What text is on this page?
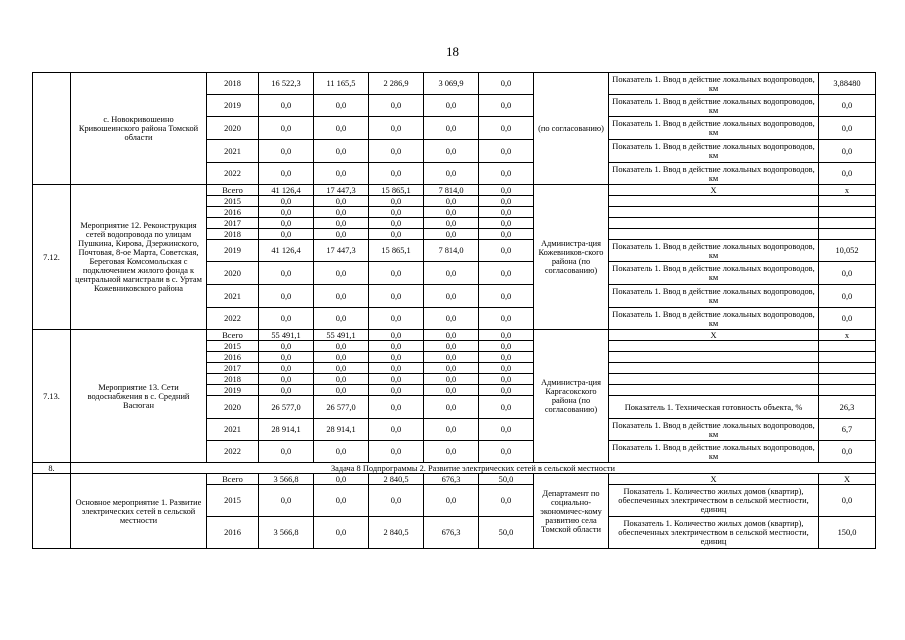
18
	с. Новокривошеино Кривошеинского района Томской области	2018	16 522,3	11 165,5	2 286,9	3 069,9	0,0	(по согласованию)	Показатель 1. Ввод в действие локальных водопроводов, км	3,88480
		2019	0,0	0,0	0,0	0,0	0,0		Показатель 1. Ввод в действие локальных водопроводов, км	0,0
		2020	0,0	0,0	0,0	0,0	0,0		Показатель 1. Ввод в действие локальных водопроводов, км	0,0
		2021	0,0	0,0	0,0	0,0	0,0		Показатель 1. Ввод в действие локальных водопроводов, км	0,0
		2022	0,0	0,0	0,0	0,0	0,0		Показатель 1. Ввод в действие локальных водопроводов, км	0,0
7.12.	Мероприятие 12. Реконструкция сетей водопровода по улицам Пушкина, Кирова, Дзержинского, Почтовая, 8-ое Марта, Советская, Береговая Комсомольская с подключением жилого фонда к центральной магистрали в с. Уртам Кожевниковского района	Всего	41 126,4	17 447,3	15 865,1	7 814,0	0,0	Администра-ция Кожевников-ского района (по согласованию)	X	x
		2015	0,0	0,0	0,0	0,0	0,0			
		2016	0,0	0,0	0,0	0,0	0,0			
		2017	0,0	0,0	0,0	0,0	0,0			
		2018	0,0	0,0	0,0	0,0	0,0			
		2019	41 126,4	17 447,3	15 865,1	7 814,0	0,0		Показатель 1. Ввод в действие локальных водопроводов, км	10,052
		2020	0,0	0,0	0,0	0,0	0,0		Показатель 1. Ввод в действие локальных водопроводов, км	0,0
		2021	0,0	0,0	0,0	0,0	0,0		Показатель 1. Ввод в действие локальных водопроводов, км	0,0
		2022	0,0	0,0	0,0	0,0	0,0		Показатель 1. Ввод в действие локальных водопроводов, км	0,0
7.13.	Мероприятие 13. Сети водоснабжения в с. Средний Васюган	Всего	55 491,1	55 491,1	0,0	0,0	0,0	Администра-ция Каргасокского района (по согласованию)	X	x
		2015	0,0	0,0	0,0	0,0	0,0			
		2016	0,0	0,0	0,0	0,0	0,0			
		2017	0,0	0,0	0,0	0,0	0,0			
		2018	0,0	0,0	0,0	0,0	0,0			
		2019	0,0	0,0	0,0	0,0	0,0			
		2020	26 577,0	26 577,0	0,0	0,0	0,0		Показатель 1. Техническая готовность объекта, %	26,3
		2021	28 914,1	28 914,1	0,0	0,0	0,0		Показатель 1. Ввод в действие локальных водопроводов, км	6,7
		2022	0,0	0,0	0,0	0,0	0,0		Показатель 1. Ввод в действие локальных водопроводов, км	0,0
8.	Задача 8 Подпрограммы 2. Развитие электрических сетей в сельской местности									
	Основное мероприятие 1. Развитие электрических сетей в сельской местности	Всего	3 566,8	0,0	2 840,5	676,3	50,0	Департамент по социально-экономичес-кому развитию села Томской области	X	X
		2015	0,0	0,0	0,0	0,0	0,0		Показатель 1. Количество жилых домов (квартир), обеспеченных электричеством в сельской местности, единиц	0,0
		2016	3 566,8	0,0	2 840,5	676,3	50,0		Показатель 1. Количество жилых домов (квартир), обеспеченных электричеством в сельской местности, единиц	150,0
